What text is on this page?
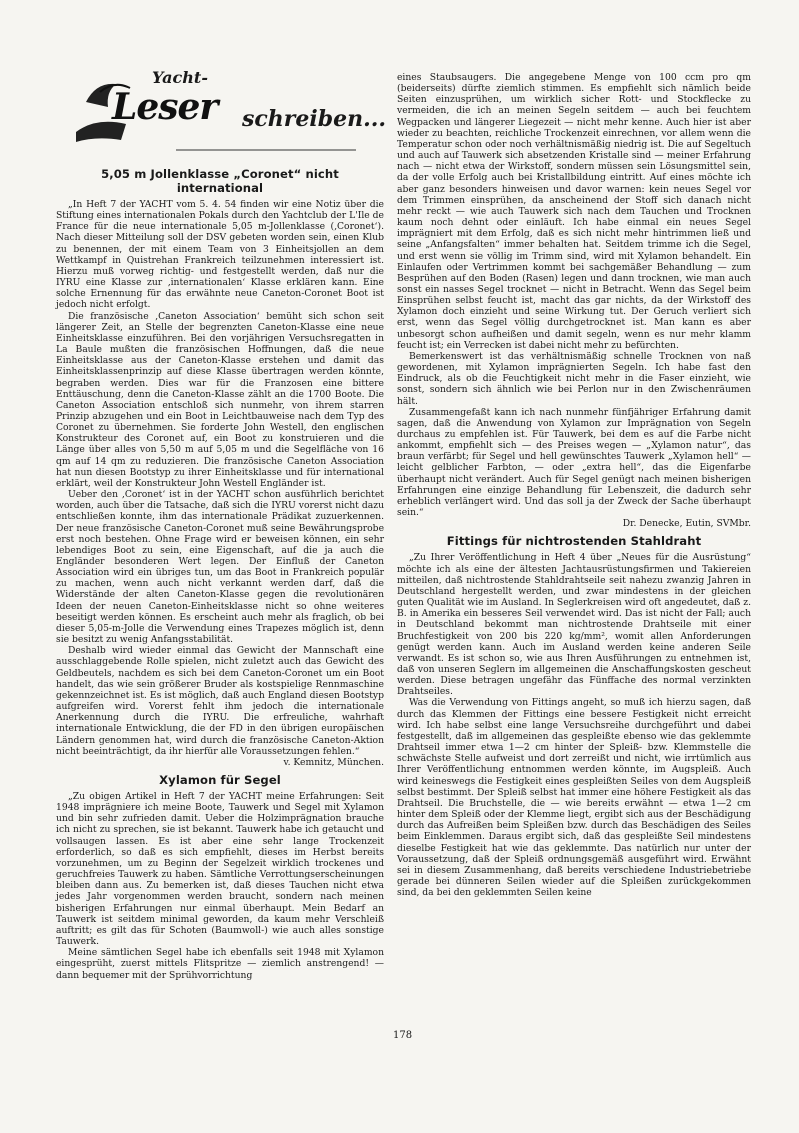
Yacht-
Leser schreiben...
5,05 m Jollenklasse „Coronet“ nicht international

„In Heft 7 der YACHT vom 5. 4. 54 finden wir eine Notiz über die Stiftung eines internationalen Pokals durch den Yachtclub der L'Ile de France für die neue internationale 5,05 m-Jollenklasse (‚Coronet‘). Nach dieser Mitteilung soll der DSV gebeten worden sein, einen Klub zu benennen, der mit einem Team von 3 Einheitsjollen an dem Wettkampf in Quistrehan Frankreich teilzunehmen interessiert ist. Hierzu muß vorweg richtig- und festgestellt werden, daß nur die IYRU eine Klasse zur ‚internationalen‘ Klasse erklären kann. Eine solche Ernennung für das erwähnte neue Caneton-Coronet Boot ist jedoch nicht erfolgt.

Die französische ‚Caneton Association‘ bemüht sich schon seit längerer Zeit, an Stelle der begrenzten Caneton-Klasse eine neue Einheitsklasse einzuführen. Bei den vorjährigen Versuchsregatten in La Baule mußten die französischen Hoffnungen, daß die neue Einheitsklasse aus der Caneton-Klasse erstehen und damit das Einheitsklassenprinzip auf diese Klasse übertragen werden könnte, begraben werden. Dies war für die Franzosen eine bittere Enttäuschung, denn die Caneton-Klasse zählt an die 1700 Boote. Die Caneton Association entschloß sich nunmehr, von ihrem starren Prinzip abzugehen und ein Boot in Leichtbauweise nach dem Typ des Coronet zu übernehmen. Sie forderte John Westell, den englischen Konstrukteur des Coronet auf, ein Boot zu konstruieren und die Länge über alles von 5,50 m auf 5,05 m und die Segelfläche von 16 qm auf 14 qm zu reduzieren. Die französische Caneton Association hat nun diesen Bootstyp zu ihrer Einheitsklasse und für international erklärt, weil der Konstrukteur John Westell Engländer ist.

Ueber den ‚Coronet‘ ist in der YACHT schon ausführlich berichtet worden, auch über die Tatsache, daß sich die IYRU vorerst nicht dazu entschließen konnte, ihm das internationale Prädikat zuzuerkennen. Der neue französische Caneton-Coronet muß seine Bewährungsprobe erst noch bestehen. Ohne Frage wird er beweisen können, ein sehr lebendiges Boot zu sein, eine Eigenschaft, auf die ja auch die Engländer besonderen Wert legen. Der Einfluß der Caneton Association wird ein übriges tun, um das Boot in Frankreich populär zu machen, wenn auch nicht verkannt werden darf, daß die Widerstände der alten Caneton-Klasse gegen die revolutionären Ideen der neuen Caneton-Einheitsklasse nicht so ohne weiteres beseitigt werden können. Es erscheint auch mehr als fraglich, ob bei dieser 5,05-m-Jolle die Verwendung eines Trapezes möglich ist, denn sie besitzt zu wenig Anfangsstabilität.

Deshalb wird wieder einmal das Gewicht der Mannschaft eine ausschlaggebende Rolle spielen, nicht zuletzt auch das Gewicht des Geldbeutels, nachdem es sich bei dem Caneton-Coronet um ein Boot handelt, das wie sein größerer Bruder als kostspielige Rennmaschine gekennzeichnet ist. Es ist möglich, daß auch England diesen Bootstyp aufgreifen wird. Vorerst fehlt ihm jedoch die internationale Anerkennung durch die IYRU. Die erfreuliche, wahrhaft internationale Entwicklung, die der FD in den übrigen europäischen Ländern genommen hat, wird durch die französische Caneton-Aktion nicht beeinträchtigt, da ihr hierfür alle Voraussetzungen fehlen.“

v. Kemnitz, München.

Xylamon für Segel

„Zu obigen Artikel in Heft 7 der YACHT meine Erfahrungen: Seit 1948 imprägniere ich meine Boote, Tauwerk und Segel mit Xylamon und bin sehr zufrieden damit. Ueber die Holzimprägnation brauche ich nicht zu sprechen, sie ist bekannt. Tauwerk habe ich getaucht und vollsaugen lassen. Es ist aber eine sehr lange Trockenzeit erforderlich, so daß es sich empfiehlt, dieses im Herbst bereits vorzunehmen, um zu Beginn der Segelzeit wirklich trockenes und geruchfreies Tauwerk zu haben. Sämtliche Verrottungserscheinungen bleiben dann aus. Zu bemerken ist, daß dieses Tauchen nicht etwa jedes Jahr vorgenommen werden braucht, sondern nach meinen bisherigen Erfahrungen nur einmal überhaupt. Mein Bedarf an Tauwerk ist seitdem minimal geworden, da kaum mehr Verschleiß auftritt; es gilt das für Schoten (Baumwoll-) wie auch alles sonstige Tauwerk.

Meine sämtlichen Segel habe ich ebenfalls seit 1948 mit Xylamon eingesprüht, zuerst mittels Flitspritze — ziemlich anstrengend! — dann bequemer mit der Sprühvorrichtung

eines Staubsaugers. Die angegebene Menge von 100 ccm pro qm (beiderseits) dürfte ziemlich stimmen. Es empfiehlt sich nämlich beide Seiten einzusprühen, um wirklich sicher Rott- und Stockflecke zu vermeiden, die ich an meinen Segeln seitdem — auch bei feuchtem Wegpacken und längerer Liegezeit — nicht mehr kenne. Auch hier ist aber wieder zu beachten, reichliche Trockenzeit einrechnen, vor allem wenn die Temperatur schon oder noch verhältnismäßig niedrig ist. Die auf Segeltuch und auch auf Tauwerk sich absetzenden Kristalle sind — meiner Erfahrung nach — nicht etwa der Wirkstoff, sondern müssen sein Lösungsmittel sein, da der volle Erfolg auch bei Kristallbildung eintritt. Auf eines möchte ich aber ganz besonders hinweisen und davor warnen: kein neues Segel vor dem Trimmen einsprühen, da anscheinend der Stoff sich danach nicht mehr reckt — wie auch Tauwerk sich nach dem Tauchen und Trocknen kaum noch dehnt oder einläuft. Ich habe einmal ein neues Segel imprägniert mit dem Erfolg, daß es sich nicht mehr hintrimmen ließ und seine „Anfangsfalten“ immer behalten hat. Seitdem trimme ich die Segel, und erst wenn sie völlig im Trimm sind, wird mit Xylamon behandelt. Ein Einlaufen oder Vertrimmen kommt bei sachgemäßer Behandlung — zum Besprühen auf den Boden (Rasen) legen und dann trocknen, wie man auch sonst ein nasses Segel trocknet — nicht in Betracht. Wenn das Segel beim Einsprühen selbst feucht ist, macht das gar nichts, da der Wirkstoff des Xylamon doch einzieht und seine Wirkung tut. Der Geruch verliert sich erst, wenn das Segel völlig durchgetrocknet ist. Man kann es aber unbesorgt schon aufheißen und damit segeln, wenn es nur mehr klamm feucht ist; ein Verrecken ist dabei nicht mehr zu befürchten.

Bemerkenswert ist das verhältnismäßig schnelle Trocknen von naß gewordenen, mit Xylamon imprägnierten Segeln. Ich habe fast den Eindruck, als ob die Feuchtigkeit nicht mehr in die Faser einzieht, wie sonst, sondern sich ähnlich wie bei Perlon nur in den Zwischenräumen hält.

Zusammengefaßt kann ich nach nunmehr fünfjähriger Erfahrung damit sagen, daß die Anwendung von Xylamon zur Imprägnation von Segeln durchaus zu empfehlen ist. Für Tauwerk, bei dem es auf die Farbe nicht ankommt, empfiehlt sich — des Preises wegen — „Xylamon natur“, das braun verfärbt; für Segel und hell gewünschtes Tauwerk „Xylamon hell“ — leicht gelblicher Farbton, — oder „extra hell“, das die Eigenfarbe überhaupt nicht verändert. Auch für Segel genügt nach meinen bisherigen Erfahrungen eine einzige Behandlung für Lebenszeit, die dadurch sehr erheblich verlängert wird. Und das soll ja der Zweck der Sache überhaupt sein.“

Dr. Denecke, Eutin, SVMbr.

Fittings für nichtrostenden Stahldraht

„Zu Ihrer Veröffentlichung in Heft 4 über „Neues für die Ausrüstung“ möchte ich als eine der ältesten Jachtausrüstungsfirmen und Takiereien mitteilen, daß nichtrostende Stahldrahtseile seit nahezu zwanzig Jahren in Deutschland hergestellt werden, und zwar mindestens in der gleichen guten Qualität wie im Ausland. In Seglerkreisen wird oft angedeutet, daß z. B. in Amerika ein besseres Seil verwendet wird. Das ist nicht der Fall; auch in Deutschland bekommt man nichtrostende Drahtseile mit einer Bruchfestigkeit von 200 bis 220 kg/mm², womit allen Anforderungen genügt werden kann. Auch im Ausland werden keine anderen Seile verwandt. Es ist schon so, wie aus Ihren Ausführungen zu entnehmen ist, daß von unseren Seglern im allgemeinen die Anschaffungskosten gescheut werden. Diese betragen ungefähr das Fünffache des normal verzinkten Drahtseiles.

Was die Verwendung von Fittings angeht, so muß ich hierzu sagen, daß durch das Klemmen der Fittings eine bessere Festigkeit nicht erreicht wird. Ich habe selbst eine lange Versuchsreihe durchgeführt und dabei festgestellt, daß im allgemeinen das gespleißte ebenso wie das geklemmte Drahtseil immer etwa 1—2 cm hinter der Spleiß- bzw. Klemmstelle die schwächste Stelle aufweist und dort zerreißt und nicht, wie irrtümlich aus Ihrer Veröffentlichung entnommen werden könnte, im Augspleiß. Auch wird keineswegs die Festigkeit eines gespleißten Seiles von dem Augspleiß selbst bestimmt. Der Spleiß selbst hat immer eine höhere Festigkeit als das Drahtseil. Die Bruchstelle, die — wie bereits erwähnt — etwa 1—2 cm hinter dem Spleiß oder der Klemme liegt, ergibt sich aus der Beschädigung durch das Aufreißen beim Spleißen bzw. durch das Beschädigen des Seiles beim Einklemmen. Daraus ergibt sich, daß das gespleißte Seil mindestens dieselbe Festigkeit hat wie das geklemmte. Das natürlich nur unter der Voraussetzung, daß der Spleiß ordnungsgemäß ausgeführt wird. Erwähnt sei in diesem Zusammenhang, daß bereits verschiedene Industriebetriebe gerade bei dünneren Seilen wieder auf die Spleißen zurückgekommen sind, da bei den geklemmten Seilen keine

178
